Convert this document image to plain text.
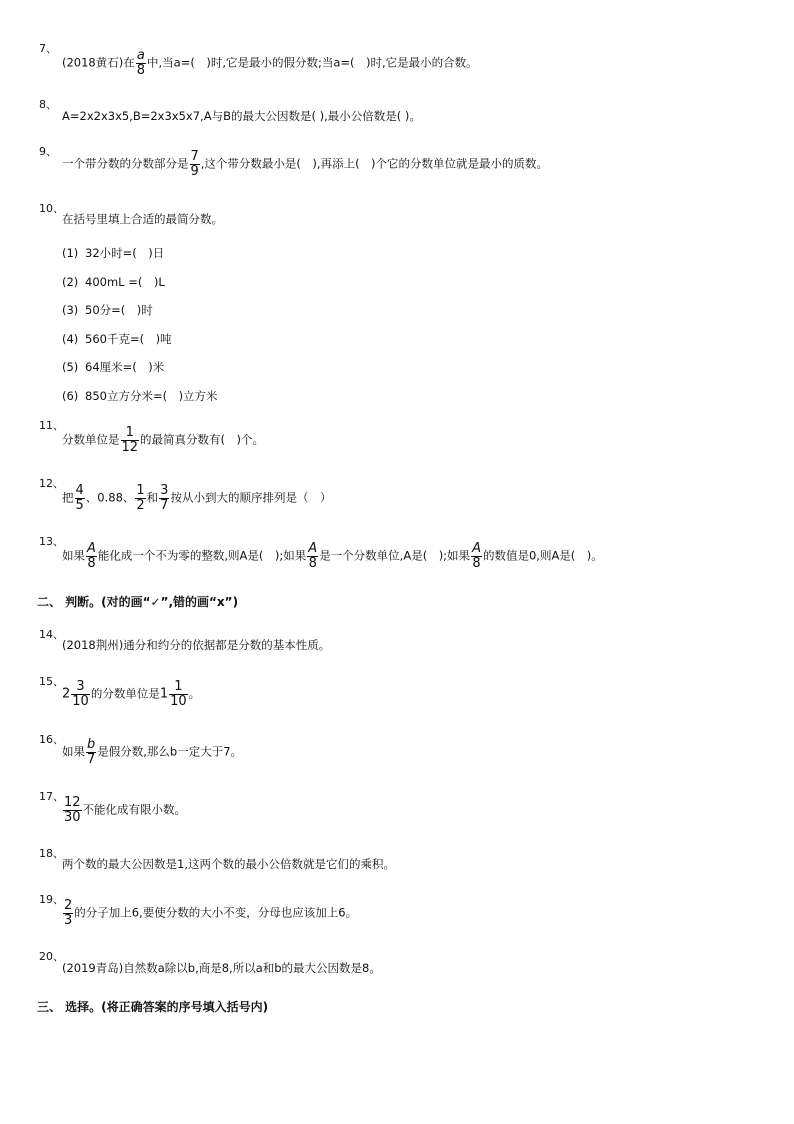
7、
(2018黄石)在 $\frac{a}{8}$ 中,当a=(　)时,它是最小的假分数;当a=(　)时,它是最小的合数。
8、
A=2x2x3x5,B=2x3x5x7,A与B的最大公因数是( ),最小公倍数是( )。
9、
一个带分数的分数部分是 $\frac{7}{9}$ ,这个带分数最小是(　),再添上(　)个它的分数单位就是最小的质数。
10、
在括号里填上合适的最简分数。
(1) 32小时=(　)日
(2) 400mL =(　)L
(3) 50分=(　)时
(4) 560千克=(　)吨
(5) 64厘米=(　)米
(6) 850立方分米=(　)立方米
11、
分数单位是 $\frac{1}{12}$ 的最简真分数有(　)个。
12、
把 $\frac{4}{5}$ 、0.88、 $\frac{1}{2}$ 和 $\frac{3}{7}$ 按从小到大的顺序排列是（　）
13、
如果 $\frac{A}{8}$ 能化成一个不为零的整数,则A是(　);如果 $\frac{A}{8}$ 是一个分数单位,A是(　);如果 $\frac{A}{8}$ 的数值是0,则A是(　)。
二、 判断。(对的画“✓”,错的画“x”)
14、
(2018荆州)通分和约分的依据都是分数的基本性质。
15、
$2 \frac{3}{10}$ 的分数单位是$1 \frac{1}{10}$ 。
16、
如果 $\frac{b}{7}$ 是假分数,那么b一定大于7。
17、 $\frac{12}{30}$ 不能化成有限小数。
18、
两个数的最大公因数是1,这两个数的最小公倍数就是它们的乘积。
19、 $\frac{2}{3}$ 的分子加上6,要使分数的大小不变，分母也应该加上6。
20、
(2019青岛)自然数a除以b,商是8,所以a和b的最大公因数是8。
三、 选择。(将正确答案的序号填入括号内)
